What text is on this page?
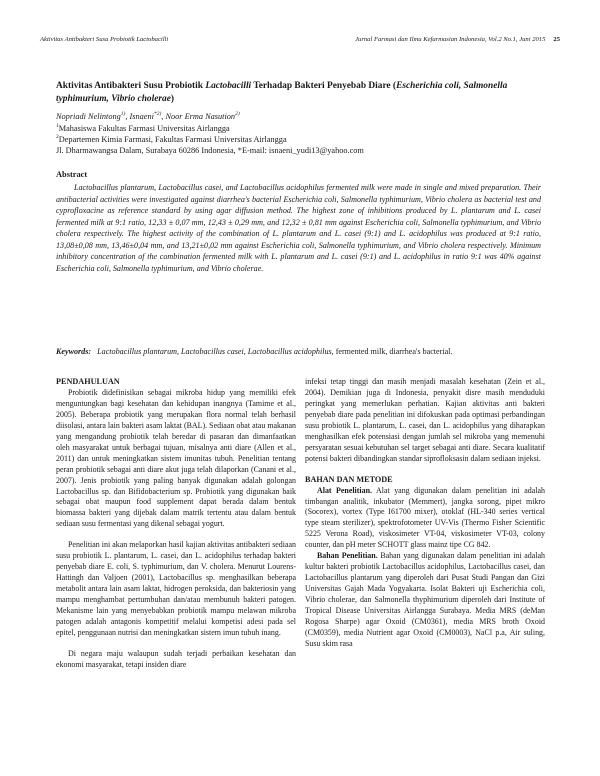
Aktivitas Antibakteri Susu Probiotik Lactobacilli	Jurnal Farmasi dan Ilmu Kefarmasian Indonesia, Vol.2 No.1, Juni 2015 25
Aktivitas Antibakteri Susu Probiotik Lactobacilli Terhadap Bakteri Penyebab Diare (Escherichia coli, Salmonella typhimurium, Vibrio cholerae)
Nopriadi Nelintong$^{1)}$, Isnaeni$^{*2)}$, Noor Erma Nasution$^{2)}$
$^1$Mahasiswa Fakultas Farmasi Universitas Airlangga
$^2$Departemen Kimia Farmasi, Fakultas Farmasi Universitas Airlangga
Jl. Dharmawangsa Dalam, Surabaya 60286 Indonesia, *E-mail: isnaeni_yudi13@yahoo.com
Abstract
Lactobacillus plantarum, Lactobacillus casei, and Lactobacillus acidophilus fermented milk were made in single and mixed preparation. Their antibacterial activities were investigated against diarrhea's bacterial Escherichia coli, Salmonella typhimurium, Vibrio cholera as bacterial test and cyprofloxacine as reference standard by using agar diffusion method. The highest zone of inhibitions produced by L. plantarum and L. casei fermented milk at 9:1 ratio, 12,33 ± 0,07 mm, 12,43 ± 0,29 mm, and 12,32 ± 0,81 mm against Escherichia coli, Salmonella typhimurium, and Vibrio cholera respectively. The highest activity of the combination of L. plantarum and L. casei (9:1) and L. acidophilus was produced at 9:1 ratio, 13,08±0,08 mm, 13,46±0,04 mm, and 13,21±0,02 mm against Escherichia coli, Salmonella typhimurium, and Vibrio cholera respectively. Minimum inhibitory concentration of the combination fermented milk with L. plantarum and L. casei (9:1) and L. acidophilus in ratio 9:1 was 40% against Escherichia coli, Salmonella typhimurium, and Vibrio cholerae.
Keywords: Lactobacillus plantarum, Lactobacillus casei, Lactobacillus acidophilus, fermented milk, diarrhea's bacterial.

PENDAHULUAN

Probiotik didefinisikan sebagai mikroba hidup yang memiliki efek menguntungkan bagi kesehatan dan kehidupan inangnya (Tamime et al., 2005). Beberapa probiotik yang merupakan flora normal telah berhasil diisolasi, antara lain bakteri asam laktat (BAL). Sediaan obat atau makanan yang mengandung probiotik telah beredar di pasaran dan dimanfaatkan oleh masyarakat untuk berbagai tujuan, misalnya anti diare (Allen et al., 2011) dan untuk meningkatkan sistem imunitas tubuh. Penelitian tentang peran probiotik sebagai anti diare akut juga telah dilaporkan (Canani et al., 2007). Jenis probiotik yang paling banyak digunakan adalah golongan Lactobacillus sp. dan Bifidobacterium sp. Probiotik yang digunakan baik sebagai obat maupun food supplement dapat berada dalam bentuk biomassa bakteri yang dijebak dalam matrik tertentu atau dalam bentuk sediaan susu fermentasi yang dikenal sebagai yogurt.

Penelitian ini akan melaporkan hasil kajian aktivitas antibakteri sediaan susu probiotik L. plantarum, L. casei, dan L. acidophilus terhadap bakteri penyebab diare E. coli, S. typhimurium, dan V. cholera. Menurut Lourens-Hattingh dan Valjoen (2001), Lactobacillus sp. menghasilkan beberapa metabolit antara lain asam laktat, hidrogen peroksida, dan bakteriosin yang mampu menghambat pertumbuhan dan/atau membunuh bakteri patogen. Mekanisme lain yang menyebabkan probiotik mampu melawan mikroba patogen adalah antagonis kompetitif melalui kompetisi adesi pada sel epitel, penggunaan nutrisi dan meningkatkan sistem imun tubuh inang.

Di negara maju walaupun sudah terjadi perbaikan kesehatan dan ekonomi masyarakat, tetapi insiden diare

infeksi tetap tinggi dan masih menjadi masalah kesehatan (Zein et al., 2004). Demikian juga di Indonesia, penyakit disre masih menduduki peringkat yang memerlukan perhatian. Kajian aktivitas anti bakteri penyebab diare pada penelitian ini difokuskan pada optimasi perbandingan susu probiotik L. plantarum, L. casei, dan L. acidophilus yang diharapkan menghasilkan efek potensiasi dengan jumlah sel mikroba yang memenuhi persyaratan sesuai kebutuhan sel target sebagai anti diare. Secara kualitatif potensi bakteri dibandingkan standar siprofloksasin dalam sediaan injeksi.

BAHAN DAN METODE

Alat Penelitian. Alat yang digunakan dalam penelitian ini adalah timbangan analitik, inkubator (Memmert), jangka sorong, pipet mikro (Socorex), vortex (Type I61700 mixer), otoklaf (HL-340 series vertical type steam sterilizer), spektrofotometer UV-Vis (Thermo Fisher Scientific 5225 Verona Road), viskosimeter VT-04, viskosimeter VT-03, colony counter, dan pH meter SCHOTT glass mainz tipe CG 842.

Bahan Penelitian. Bahan yang digunakan dalam penelitian ini adalah kultur bakteri probiotik Lactobacillus acidophilus, Lactobacillus casei, dan Lactobacillus plantarum yang diperoleh dari Pusat Studi Pangan dan Gizi Universitas Gajah Mada Yogyakarta. Isolat Bakteri uji Escherichia coli, Vibrio cholerae, dan Salmonella thyphimurium diperoleh dari Institute of Tropical Disease Universitas Airlangga Surabaya. Media MRS (deMan Rogosa Sharpe) agar Oxoid (CM0361), media MRS broth Oxoid (CM0359), media Nutrient agar Oxoid (CM0003), NaCl p.a, Air suling, Susu skim rasa
